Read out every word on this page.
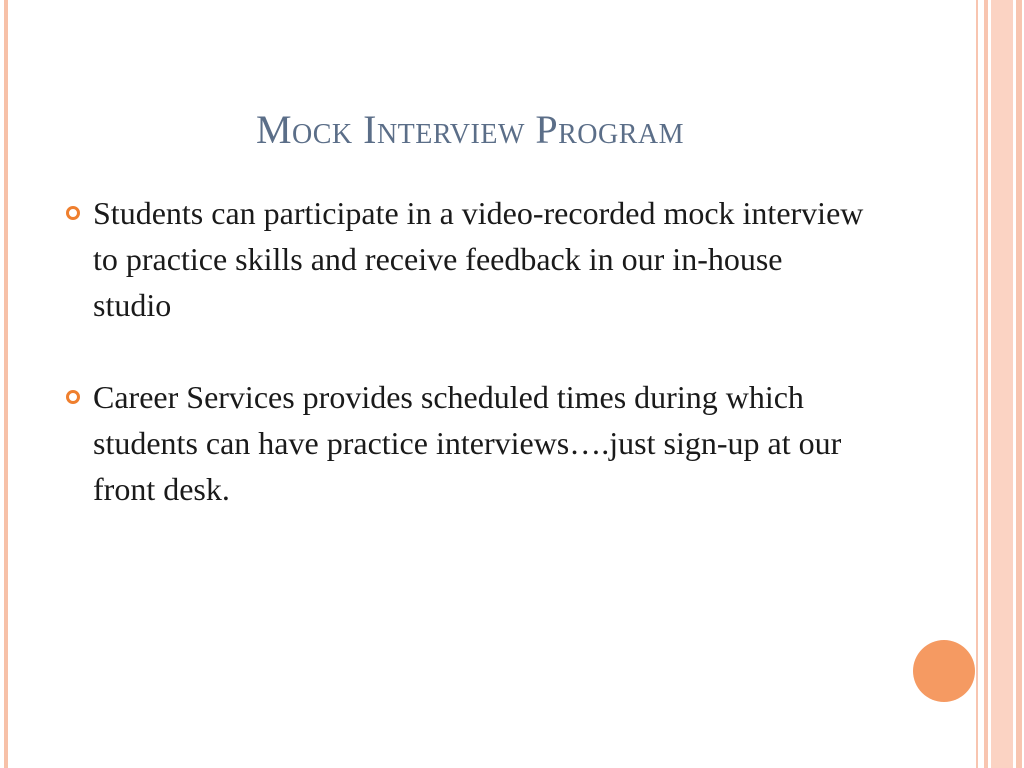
Mock Interview Program
Students can participate in a video-recorded mock interview to practice skills and receive feedback in our in-house studio
Career Services provides scheduled times during which students can have practice interviews….just sign-up at our front desk.
